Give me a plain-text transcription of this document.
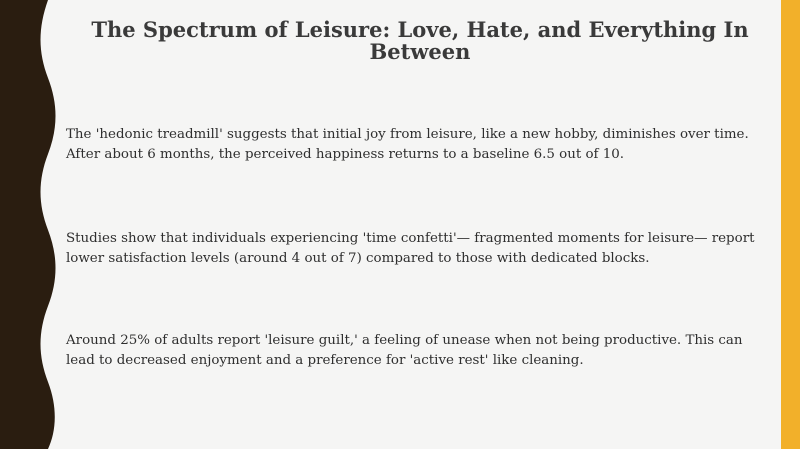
The Spectrum of Leisure: Love, Hate, and Everything In Between

The 'hedonic treadmill' suggests that initial joy from leisure, like a new hobby, diminishes over time. After about 6 months, the perceived happiness returns to a baseline 6.5 out of 10.

Studies show that individuals experiencing 'time confetti'— fragmented moments for leisure— report lower satisfaction levels (around 4 out of 7) compared to those with dedicated blocks.

Around 25% of adults report 'leisure guilt,' a feeling of unease when not being productive. This can lead to decreased enjoyment and a preference for 'active rest' like cleaning.
